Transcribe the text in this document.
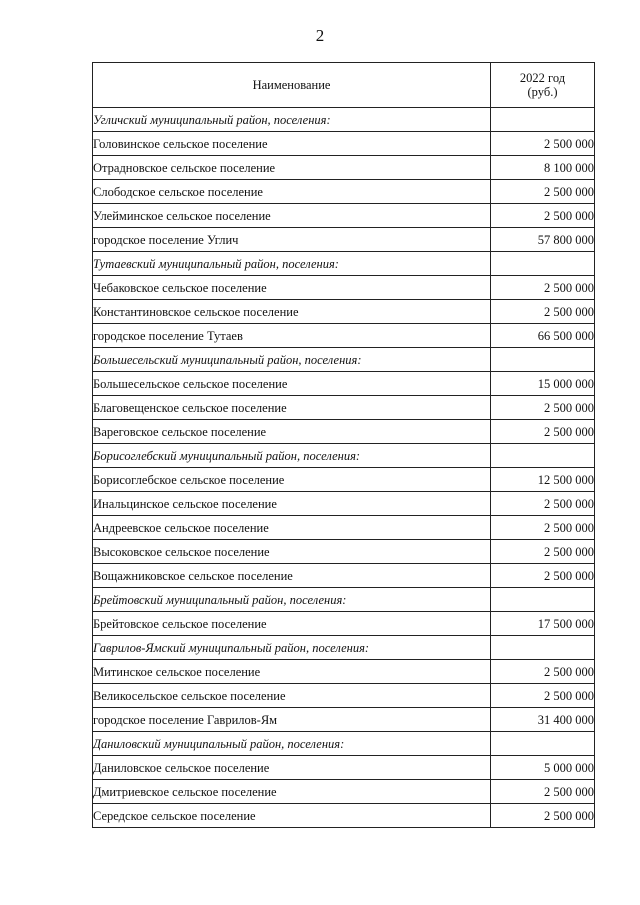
2
Наименование	2022 год
(руб.)
Угличский муниципальный район, поселения:	
Головинское сельское поселение	2 500 000
Отрадновское сельское поселение	8 100 000
Слободское сельское поселение	2 500 000
Улейминское сельское поселение	2 500 000
городское поселение Углич	57 800 000
Тутаевский муниципальный район, поселения:	
Чебаковское сельское поселение	2 500 000
Константиновское сельское поселение	2 500 000
городское поселение Тутаев	66 500 000
Большесельский муниципальный район, поселения:	
Большесельское сельское поселение	15 000 000
Благовещенское сельское поселение	2 500 000
Вареговское сельское поселение	2 500 000
Борисоглебский муниципальный район, поселения:	
Борисоглебское сельское поселение	12 500 000
Инальцинское сельское поселение	2 500 000
Андреевское сельское поселение	2 500 000
Высоковское сельское поселение	2 500 000
Вощажниковское сельское поселение	2 500 000
Брейтовский муниципальный район, поселения:	
Брейтовское сельское поселение	17 500 000
Гаврилов-Ямский муниципальный район, поселения:	
Митинское сельское поселение	2 500 000
Великосельское сельское поселение	2 500 000
городское поселение Гаврилов-Ям	31 400 000
Даниловский муниципальный район, поселения:	
Даниловское сельское поселение	5 000 000
Дмитриевское сельское поселение	2 500 000
Середское сельское поселение	2 500 000
